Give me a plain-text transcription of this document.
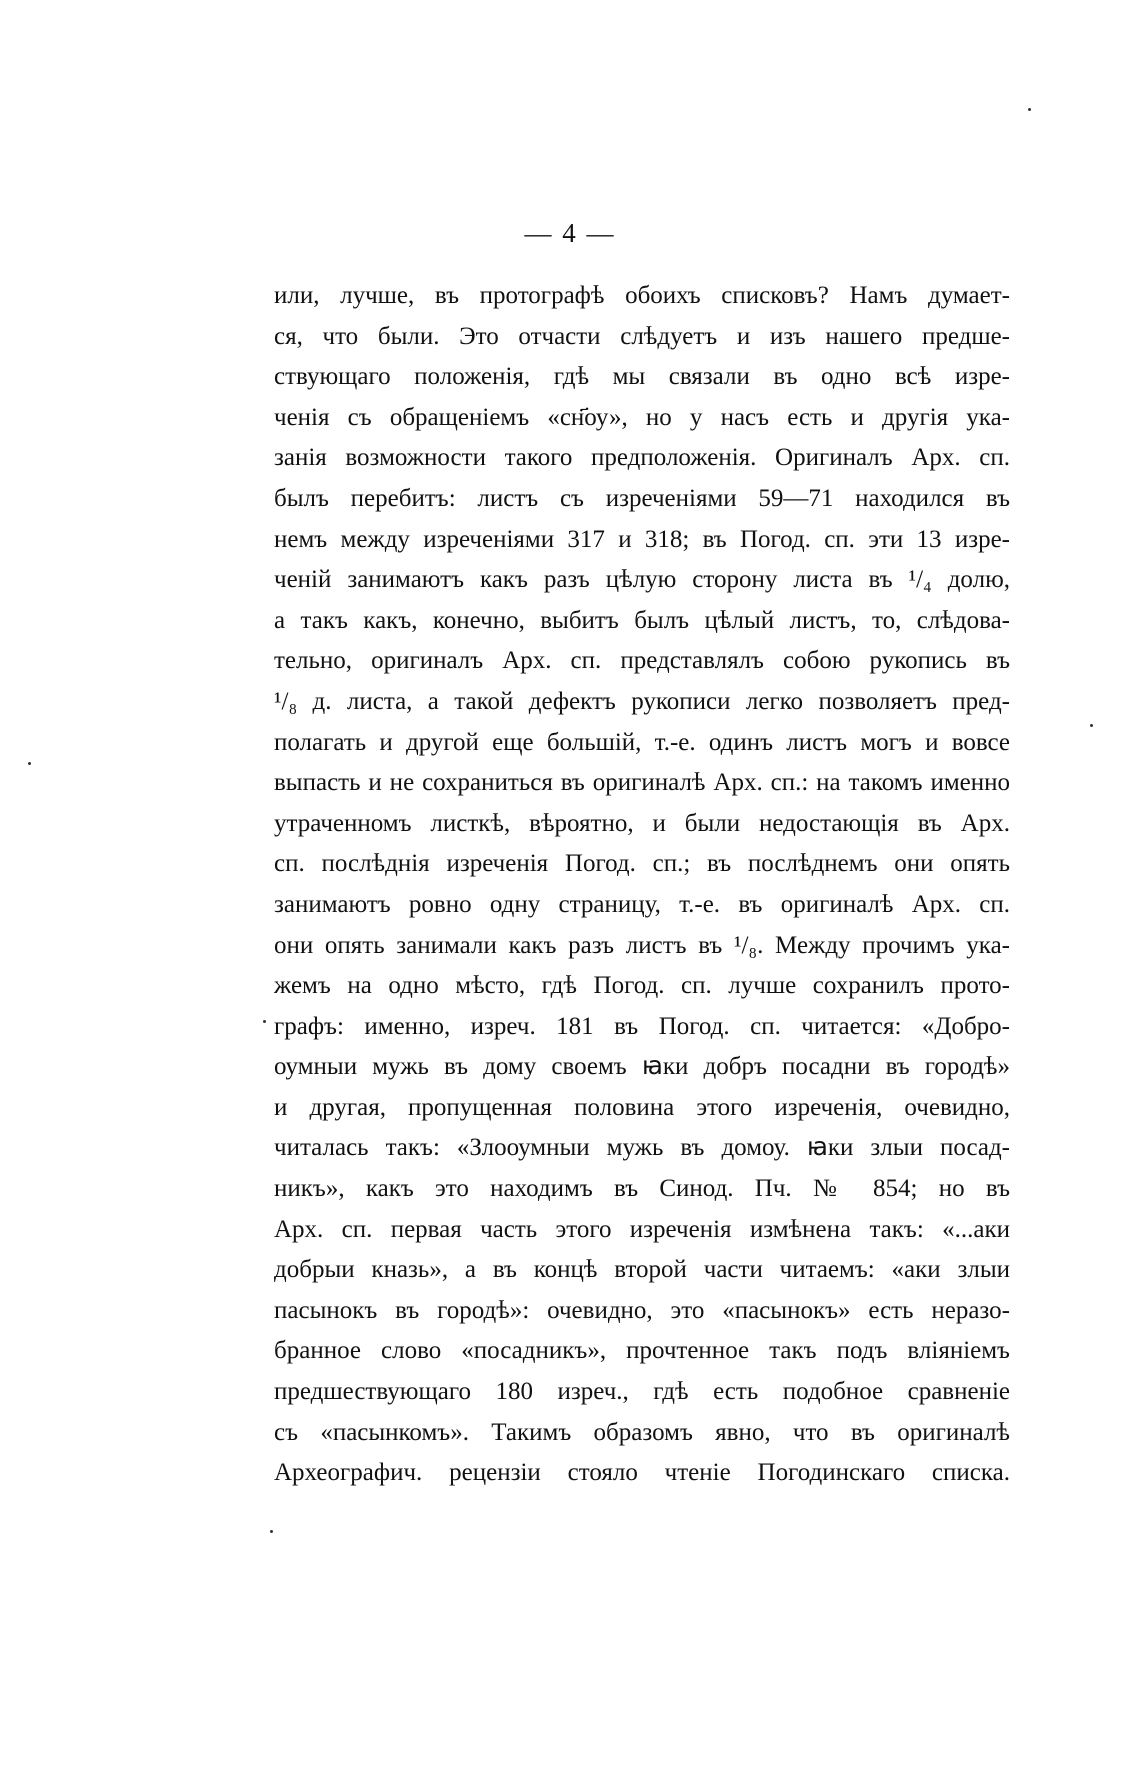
— 4 —
или, лучше, въ протографѣ обоихъ списковъ? Намъ думает-
ся, что были. Это отчасти слѣдуетъ и изъ нашего предше-
ствующаго положенія, гдѣ мы связали въ одно всѣ изре-
ченія съ обращеніемъ «сн҃оу», но у насъ есть и другія ука-
занія возможности такого предположенія. Оригиналъ Арх. сп.
былъ перебитъ: листъ съ изреченіями 59—71 находился въ
немъ между изреченіями 317 и 318; въ Погод. сп. эти 13 изре-
ченій занимаютъ какъ разъ цѣлую сторону листа въ ¹/₄ долю,
а такъ какъ, конечно, выбитъ былъ цѣлый листъ, то, слѣдова-
тельно, оригиналъ Арх. сп. представлялъ собою рукопись въ
¹/₈ д. листа, а такой дефектъ рукописи легко позволяетъ пред-
полагать и другой еще большій, т.-е. одинъ листъ могъ и вовсе
выпасть и не сохраниться въ оригиналѣ Арх. сп.: на такомъ именно
утраченномъ листкѣ, вѣроятно, и были недостающія въ Арх.
сп. послѣднія изреченія Погод. сп.; въ послѣднемъ они опять
занимаютъ ровно одну страницу, т.-е. въ оригиналѣ Арх. сп.
они опять занимали какъ разъ листъ въ ¹/₈. Между прочимъ ука-
жемъ на одно мѣсто, гдѣ Погод. сп. лучше сохранилъ прото-
графъ: именно, изреч. 181 въ Погод. сп. читается: «Добро-
оумныи мужь въ дому своемъ ꙗки добръ посадни въ городѣ»
и другая, пропущенная половина этого изреченія, очевидно,
читалась такъ: «Злооумныи мужь въ домоу. ꙗки злыи посад-
никъ», какъ это находимъ въ Синод. Пч. № 854; но въ
Арх. сп. первая часть этого изреченія измѣнена такъ: «...аки
добрыи кназь», а въ концѣ второй части читаемъ: «аки злыи
пасынокъ въ городѣ»: очевидно, это «пасынокъ» есть неразо-
бранное слово «посадникъ», прочтенное такъ подъ вліяніемъ
предшествующаго 180 изреч., гдѣ есть подобное сравненіе
съ «пасынкомъ». Такимъ образомъ явно, что въ оригиналѣ
Археографич. рецензіи стояло чтеніе Погодинскаго списка.
